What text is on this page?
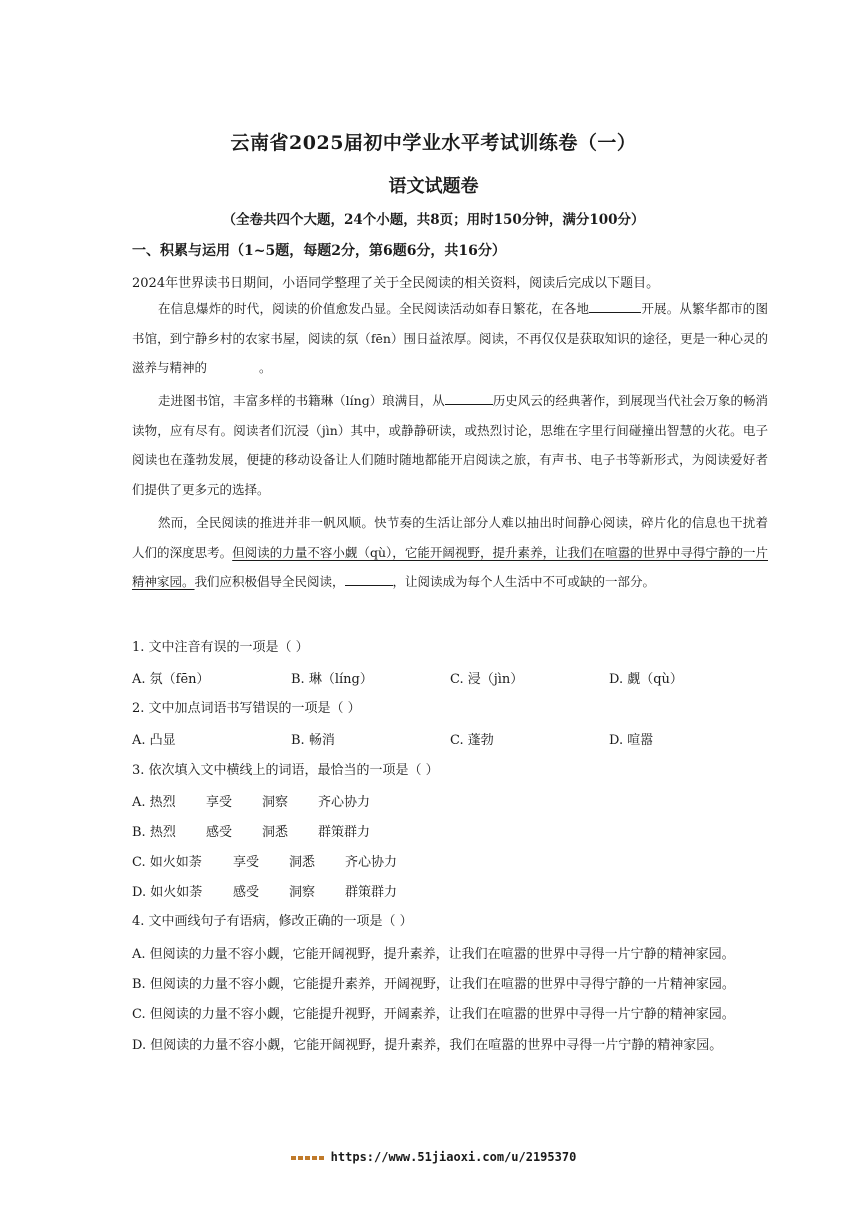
云南省2025届初中学业水平考试训练卷（一）
语文试题卷
（全卷共四个大题，24个小题，共8页；用时150分钟，满分100分）
一、积累与运用（1~5题，每题2分，第6题6分，共16分）
2024年世界读书日期间，小语同学整理了关于全民阅读的相关资料，阅读后完成以下题目。
在信息爆炸的时代，阅读的价值愈发凸显。全民阅读活动如春日繁花，在各地	开展。从繁华都市的图书馆，到宁静乡村的农家书屋，阅读的氛（fēn）围日益浓厚。阅读，不再仅仅是获取知识的途径，更是一种心灵的滋养与精神的	。
走进图书馆，丰富多样的书籍琳（líng）琅满目，从	历史风云的经典著作，到展现当代社会万象的畅消读物，应有尽有。阅读者们沉浸（jìn）其中，或静静研读，或热烈讨论，思维在字里行间碰撞出智慧的火花。电子阅读也在蓬勃发展，便捷的移动设备让人们随时随地都能开启阅读之旅，有声书、电子书等新形式，为阅读爱好者们提供了更多元的选择。
然而，全民阅读的推进并非一帆风顺。快节奏的生活让部分人难以抽出时间静心阅读，碎片化的信息也干扰着人们的深度思考。但阅读的力量不容小觑（qù），它能开阔视野，提升素养，让我们在喧嚣的世界中寻得宁静的一片精神家园。我们应积极倡导全民阅读，	，让阅读成为每个人生活中不可或缺的一部分。
1. 文中注音有误的一项是（ ）
A. 氛（fēn）	B. 琳（líng）	C. 浸（jìn）	D. 觑（qù）
2. 文中加点词语书写错误的一项是（ ）
A. 凸显	B. 畅消	C. 蓬勃	D. 喧嚣
3. 依次填入文中横线上的词语，最恰当的一项是（ ）
A. 热烈 享受 洞察 齐心协力
B. 热烈 感受 洞悉 群策群力
C. 如火如荼 享受 洞悉 齐心协力
D. 如火如荼 感受 洞察 群策群力
4. 文中画线句子有语病，修改正确的一项是（ ）
A. 但阅读的力量不容小觑，它能开阔视野，提升素养，让我们在喧嚣的世界中寻得一片宁静的精神家园。
B. 但阅读的力量不容小觑，它能提升素养，开阔视野，让我们在喧嚣的世界中寻得宁静的一片精神家园。
C. 但阅读的力量不容小觑，它能提升视野，开阔素养，让我们在喧嚣的世界中寻得一片宁静的精神家园。
D. 但阅读的力量不容小觑，它能开阔视野，提升素养，我们在喧嚣的世界中寻得一片宁静的精神家园。
https://www.51jiaoxi.com/u/2195370
